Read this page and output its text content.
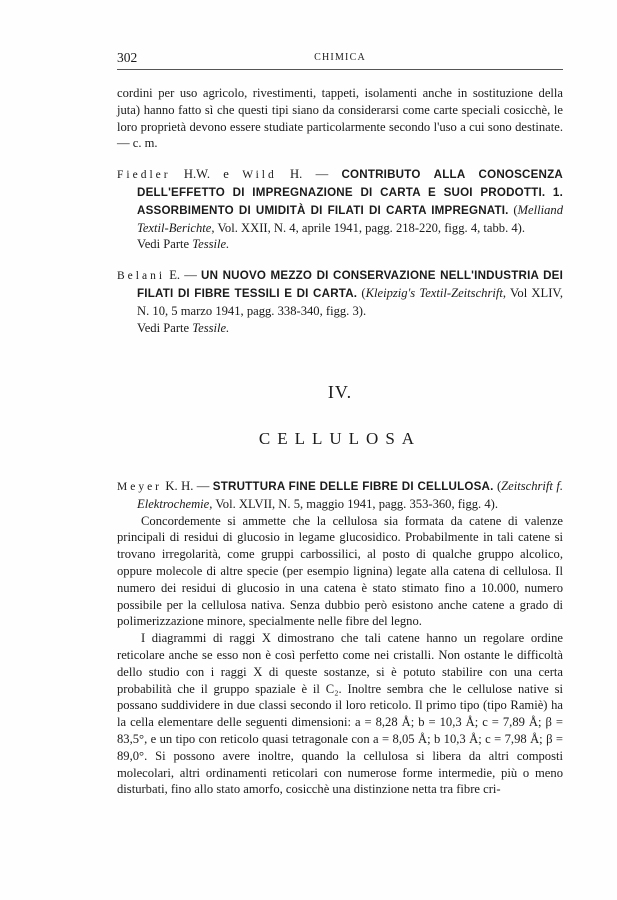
302	CHIMICA

cordini per uso agricolo, rivestimenti, tappeti, isolamenti anche in sostituzione della juta) hanno fatto sì che questi tipi siano da considerarsi come carte speciali cosicchè, le loro proprietà devono essere studiate particolarmente secondo l'uso a cui sono destinate. — c. m.

Fiedler H.W. e Wild H. — CONTRIBUTO ALLA CONOSCENZA DELL'EFFETTO DI IMPREGNAZIONE DI CARTA E SUOI PRODOTTI. 1. ASSORBIMENTO DI UMIDITÀ DI FILATI DI CARTA IMPREGNATI. (Melliand Textil-Berichte, Vol. XXII, N. 4, aprile 1941, pagg. 218-220, figg. 4, tabb. 4).

Vedi Parte Tessile.

Belani E. — UN NUOVO MEZZO DI CONSERVAZIONE NELL'INDUSTRIA DEI FILATI DI FIBRE TESSILI E DI CARTA. (Kleipzig's Textil-Zeitschrift, Vol XLIV, N. 10, 5 marzo 1941, pagg. 338-340, figg. 3).

Vedi Parte Tessile.

IV.
CELLULOSA

Meyer K. H. — STRUTTURA FINE DELLE FIBRE DI CELLULOSA. (Zeitschrift f. Elektrochemie, Vol. XLVII, N. 5, maggio 1941, pagg. 353-360, figg. 4).

Concordemente si ammette che la cellulosa sia formata da catene di valenze principali di residui di glucosio in legame glucosidico. Probabilmente in tali catene si trovano irregolarità, come gruppi carbossilici, al posto di qualche gruppo alcolico, oppure molecole di altre specie (per esempio lignina) legate alla catena di cellulosa. Il numero dei residui di glucosio in una catena è stato stimato fino a 10.000, numero possibile per la cellulosa nativa. Senza dubbio però esistono anche catene a grado di polimerizzazione minore, specialmente nelle fibre del legno.

I diagrammi di raggi X dimostrano che tali catene hanno un regolare ordine reticolare anche se esso non è così perfetto come nei cristalli. Non ostante le difficoltà dello studio con i raggi X di queste sostanze, si è potuto stabilire con una certa probabilità che il gruppo spaziale è il C₂. Inoltre sembra che le cellulose native si possano suddividere in due classi secondo il loro reticolo. Il primo tipo (tipo Ramiè) ha la cella elementare delle seguenti dimensioni: a = 8,28 Å; b = 10,3 Å; c = 7,89 Å; β = 83,5°, e un tipo con reticolo quasi tetragonale con a = 8,05 Å; b 10,3 Å; c = 7,98 Å; β = 89,0°. Si possono avere inoltre, quando la cellulosa si libera da altri composti molecolari, altri ordinamenti reticolari con numerose forme intermedie, più o meno disturbati, fino allo stato amorfo, cosicchè una distinzione netta tra fibre cri-
